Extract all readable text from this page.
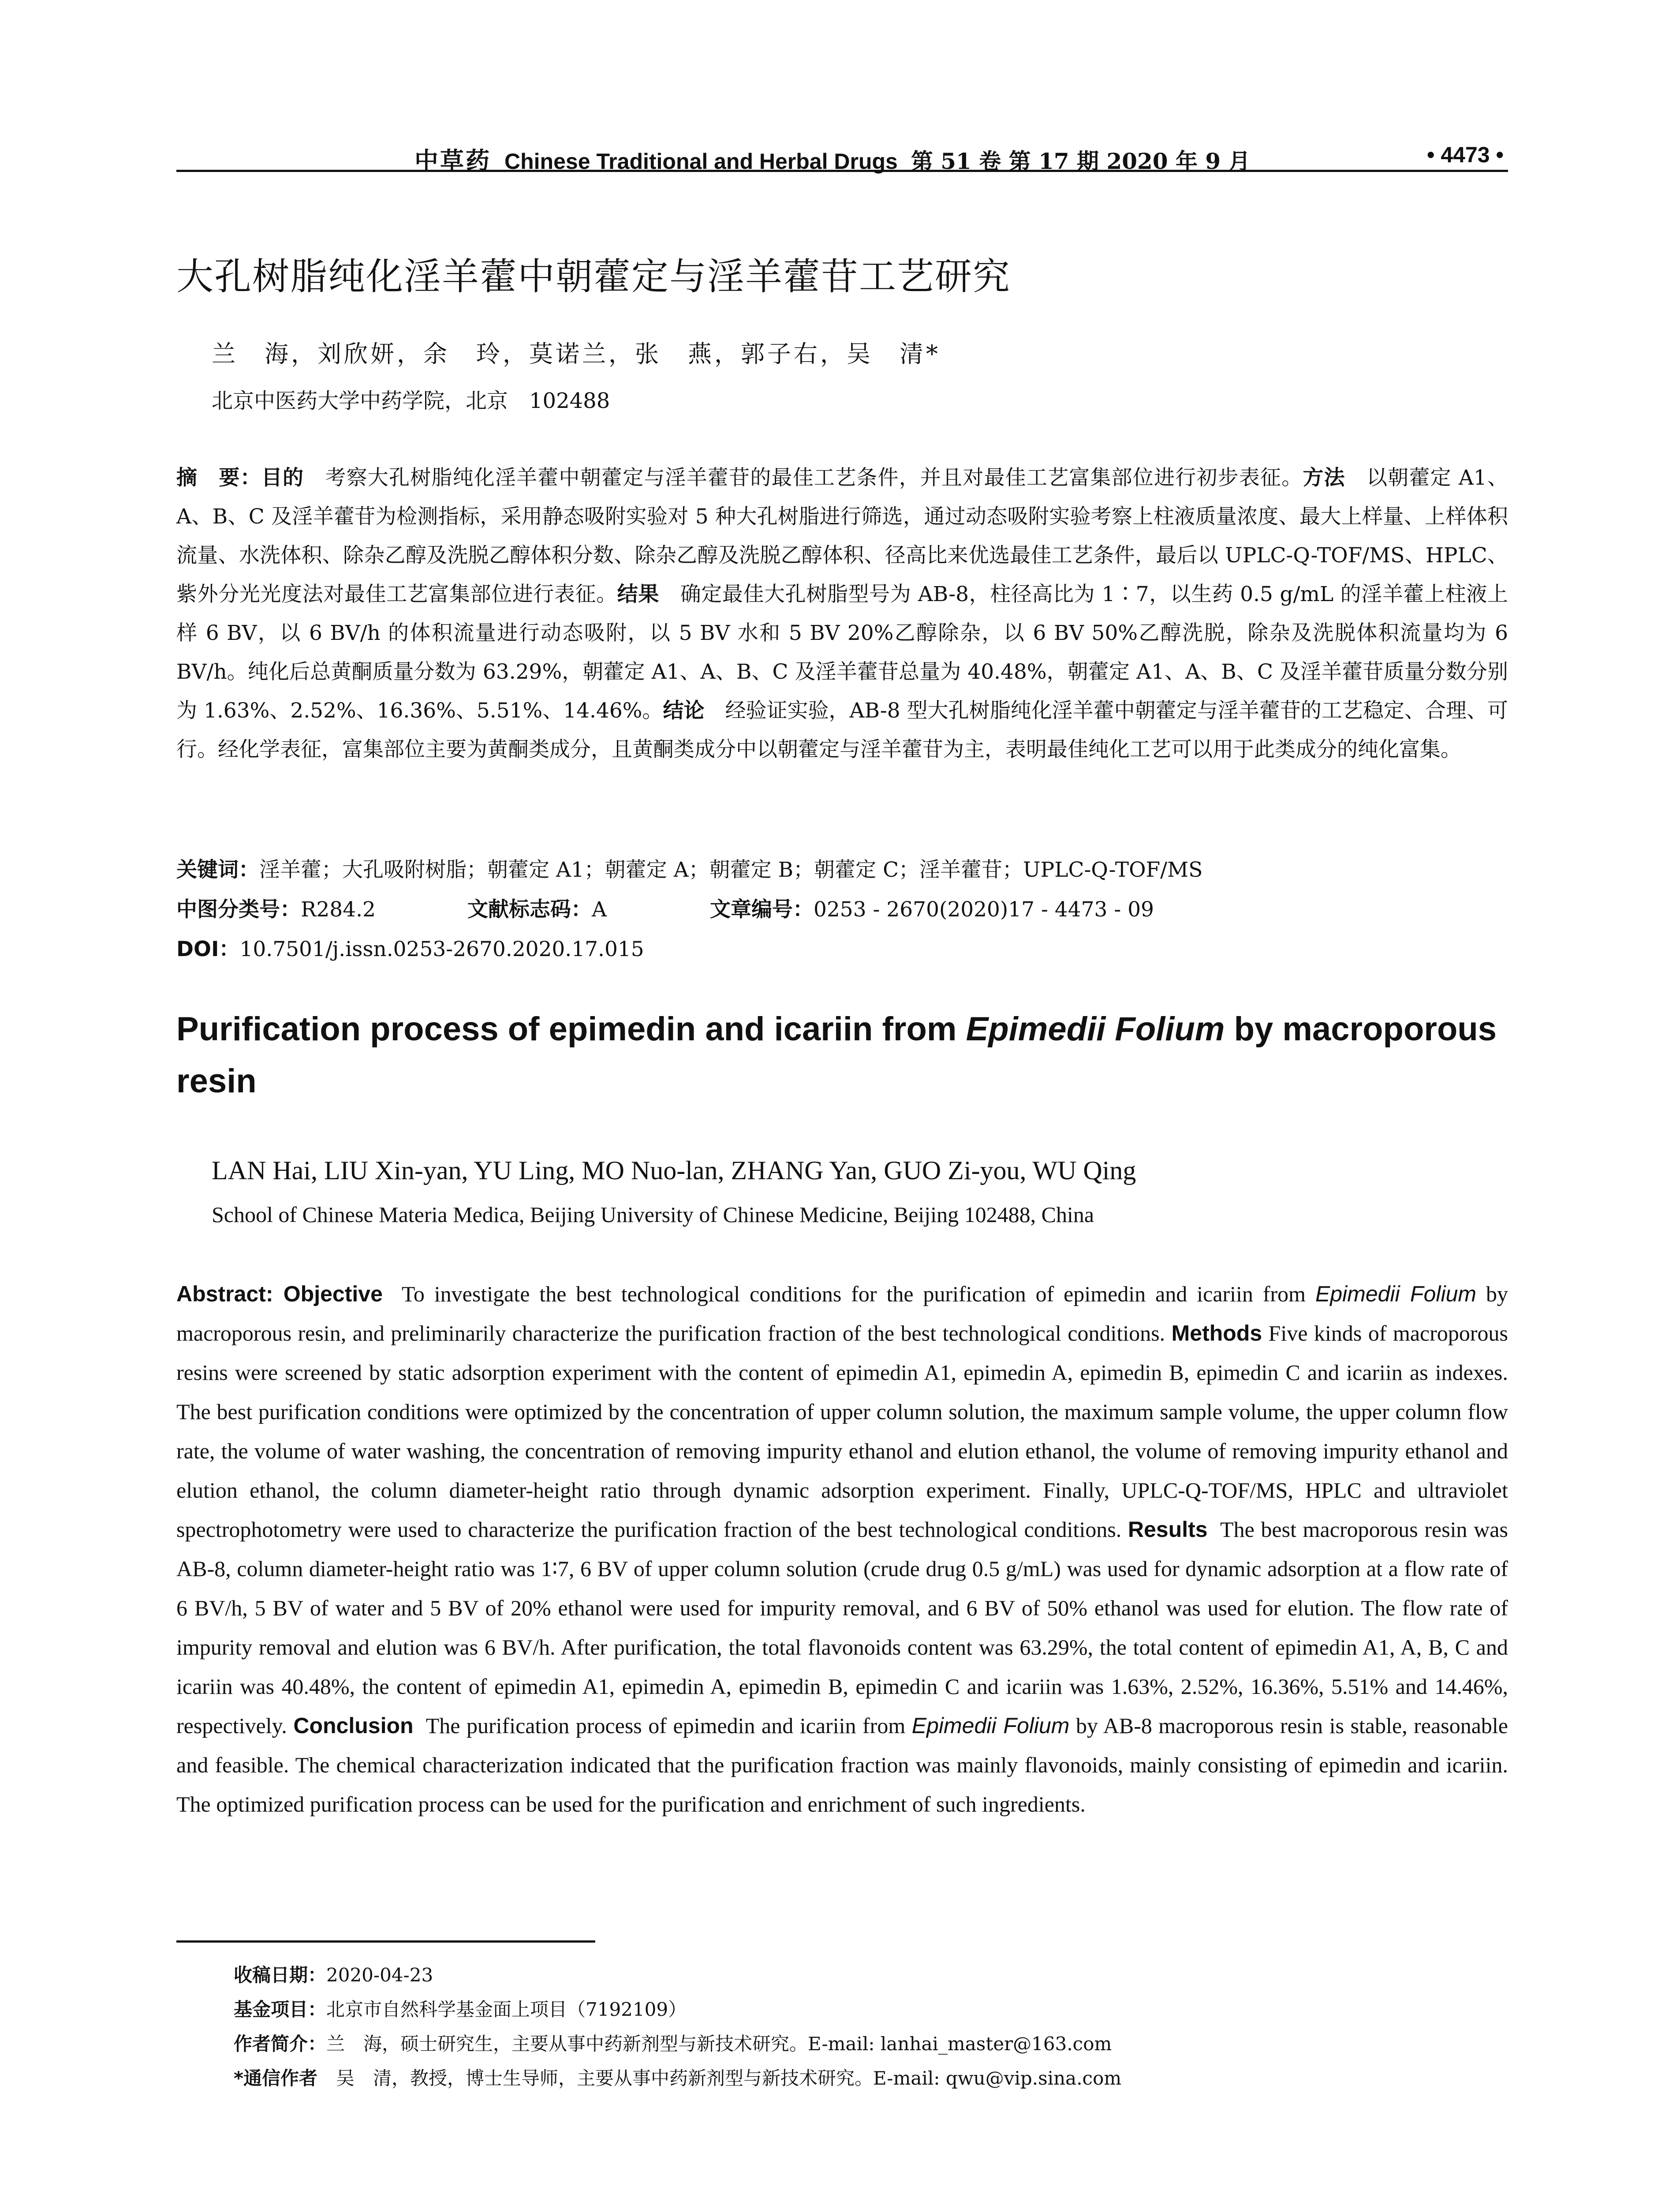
中草药 Chinese Traditional and Herbal Drugs 第 51 卷 第 17 期 2020 年 9 月	• 4473 •
大孔树脂纯化淫羊藿中朝藿定与淫羊藿苷工艺研究
兰　海，刘欣妍，余　玲，莫诺兰，张　燕，郭子右，吴　清*
北京中医药大学中药学院，北京　102488
摘　要：目的　 考察大孔树脂纯化淫羊藿中朝藿定与淫羊藿苷的最佳工艺条件，并且对最佳工艺富集部位进行初步表征。方法　 以朝藿定 A1、A、B、C 及淫羊藿苷为检测指标，采用静态吸附实验对 5 种大孔树脂进行筛选，通过动态吸附实验考察上柱液质量浓度、最大上样量、上样体积流量、水洗体积、除杂乙醇及洗脱乙醇体积分数、除杂乙醇及洗脱乙醇体积、径高比来优选最佳工艺条件，最后以 UPLC-Q-TOF/MS、HPLC、紫外分光光度法对最佳工艺富集部位进行表征。结果　 确定最佳大孔树脂型号为 AB-8，柱径高比为 1∶7，以生药 0.5 g/mL 的淫羊藿上柱液上样 6 BV，以 6 BV/h 的体积流量进行动态吸附，以 5 BV 水和 5 BV 20%乙醇除杂，以 6 BV 50%乙醇洗脱，除杂及洗脱体积流量均为 6 BV/h。纯化后总黄酮质量分数为 63.29%，朝藿定 A1、A、B、C 及淫羊藿苷总量为 40.48%，朝藿定 A1、A、B、C 及淫羊藿苷质量分数分别为 1.63%、2.52%、16.36%、5.51%、14.46%。结论　 经验证实验，AB-8 型大孔树脂纯化淫羊藿中朝藿定与淫羊藿苷的工艺稳定、合理、可行。经化学表征，富集部位主要为黄酮类成分，且黄酮类成分中以朝藿定与淫羊藿苷为主，表明最佳纯化工艺可以用于此类成分的纯化富集。
关键词：淫羊藿；大孔吸附树脂；朝藿定 A1；朝藿定 A；朝藿定 B；朝藿定 C；淫羊藿苷；UPLC-Q-TOF/MS
中图分类号：R284.2	文献标志码：A	文章编号：0253 - 2670(2020)17 - 4473 - 09
DOI：10.7501/j.issn.0253-2670.2020.17.015
Purification process of epimedin and icariin from Epimedii Folium by macroporous resin
LAN Hai, LIU Xin-yan, YU Ling, MO Nuo-lan, ZHANG Yan, GUO Zi-you, WU Qing
School of Chinese Materia Medica, Beijing University of Chinese Medicine, Beijing 102488, China
Abstract: Objective To investigate the best technological conditions for the purification of epimedin and icariin from Epimedii Folium by macroporous resin, and preliminarily characterize the purification fraction of the best technological conditions. Methods Five kinds of macroporous resins were screened by static adsorption experiment with the content of epimedin A1, epimedin A, epimedin B, epimedin C and icariin as indexes. The best purification conditions were optimized by the concentration of upper column solution, the maximum sample volume, the upper column flow rate, the volume of water washing, the concentration of removing impurity ethanol and elution ethanol, the volume of removing impurity ethanol and elution ethanol, the column diameter-height ratio through dynamic adsorption experiment. Finally, UPLC-Q-TOF/MS, HPLC and ultraviolet spectrophotometry were used to characterize the purification fraction of the best technological conditions. Results The best macroporous resin was AB-8, column diameter-height ratio was 1∶7, 6 BV of upper column solution (crude drug 0.5 g/mL) was used for dynamic adsorption at a flow rate of 6 BV/h, 5 BV of water and 5 BV of 20% ethanol were used for impurity removal, and 6 BV of 50% ethanol was used for elution. The flow rate of impurity removal and elution was 6 BV/h. After purification, the total flavonoids content was 63.29%, the total content of epimedin A1, A, B, C and icariin was 40.48%, the content of epimedin A1, epimedin A, epimedin B, epimedin C and icariin was 1.63%, 2.52%, 16.36%, 5.51% and 14.46%, respectively. Conclusion The purification process of epimedin and icariin from Epimedii Folium by AB-8 macroporous resin is stable, reasonable and feasible. The chemical characterization indicated that the purification fraction was mainly flavonoids, mainly consisting of epimedin and icariin. The optimized purification process can be used for the purification and enrichment of such ingredients.
收稿日期：2020-04-23
基金项目：北京市自然科学基金面上项目（7192109）
作者简介：兰　海，硕士研究生，主要从事中药新剂型与新技术研究。E-mail: lanhai_master@163.com
*通信作者　吴　清，教授，博士生导师，主要从事中药新剂型与新技术研究。E-mail: qwu@vip.sina.com
